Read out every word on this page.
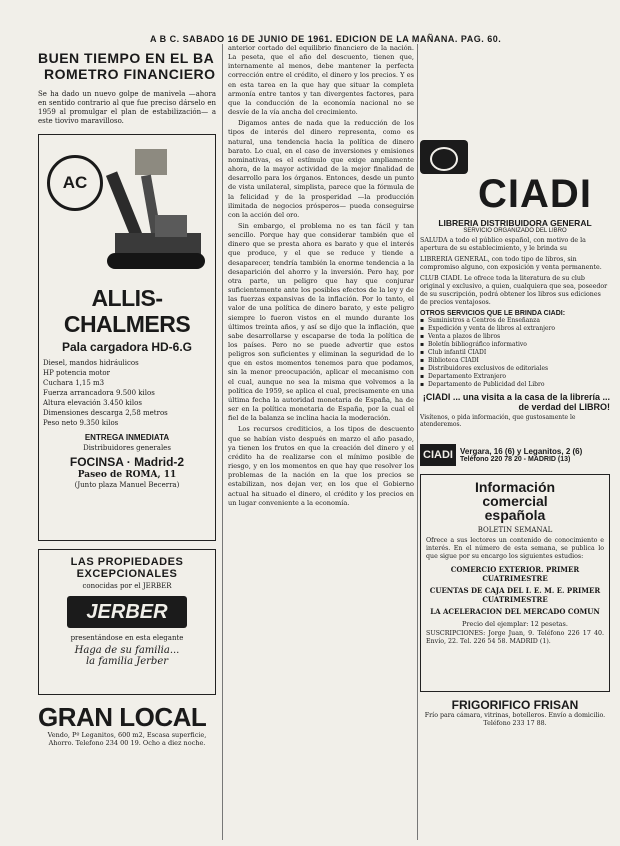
A B C. SABADO 16 DE JUNIO DE 1961. EDICION DE LA MAÑANA. PAG. 60.
BUEN TIEMPO EN EL BA
ROMETRO FINANCIERO
Se ha dado un nuevo golpe de manivela —ahora en sentido contrario al que fue preciso dárselo en 1959 al promulgar el plan de estabilización— a este tiovivo maravilloso.
AC
ALLIS-CHALMERS
Pala cargadora HD-6.G
Diesel, mandos hidráulicos
HP potencia motor
Cuchara 1,15 m3
Fuerza arrancadora 9.500 kilos
Altura elevación 3.450 kilos
Dimensiones descarga 2,58 metros
Peso neto 9.350 kilos
ENTREGA INMEDIATA
Distribuidores generales
FOCINSA · Madrid-2
Paseo de ROMA, 11
(Junto plaza Manuel Becerra)
LAS PROPIEDADES
EXCEPCIONALES
conocidas por el JERBER
JERBER
presentándose en esta elegante
Haga de su familia...
la familia Jerber
GRAN LOCAL
Vendo, Pº Leganitos, 600 m2, Escasa superficie, Ahorro. Telefono 234 00 19. Ocho a diez noche.
anterior cortado del equilibrio financiero de la nación. La peseta, que el año del descuento, tienen que, internamente al menos, debe mantener la perfecta corrección entre el crédito, el dinero y los precios. Y es en esta tarea en la que hay que situar la completa armonía entre tantos y tan divergentes factores, para que la conducción de la economía nacional no se desvíe de la vía ancha del crecimiento.
Digamos antes de nada que la reducción de los tipos de interés del dinero representa, como es natural, una tendencia hacia la política de dinero barato. Lo cual, en el caso de inversiones y emisiones nominativas, es el estímulo que exige ampliamente ahora, de la mayor actividad de la mejor finalidad de desarrollo para los órganos. Entonces, desde un punto de vista unilateral, simplista, parece que la fórmula de la felicidad y de la prosperidad —la producción ilimitada de negocios prósperos— pueda conseguirse con la acción del oro.
Sin embargo, el problema no es tan fácil y tan sencillo. Porque hay que considerar también que el dinero que se presta ahora es barato y que el interés que produce, y el que se reduce y tiende a desaparecer, tendría también la enorme tendencia a la desaparición del ahorro y la inversión. Pero hay, por otra parte, un peligro que hay que conjurar suficientemente ante los posibles efectos de la ley y de las fuerzas expansivas de la inflación. Por lo tanto, el valor de una política de dinero barato, y este peligro siempre lo fueron vistos en el mundo durante los últimos treinta años, y así se dijo que la inflación, que sabe desarrollarse y escaparse de toda la política de los países. Pero no se puede advertir que estos peligros son suficientes y eliminan la seguridad de lo que en estos momentos tenemos para que podamos, sin la menor preocupación, aplicar el mecanismo con el cual, aunque no sea la misma que volvemos a la política de 1959, se aplica el cual, precisamente en una última fecha la autoridad monetaria de España, ha de ser en la política monetaria de España, por la cual el fiel de la balanza se inclina hacia la moderación.
Los recursos crediticios, a los tipos de descuento que se habían visto después en marzo el año pasado, ya tienen los frutos en que la creación del dinero y el crédito ha de realizarse con el mínimo posible de riesgo, y en los momentos en que hay que resolver los problemas de la nación en la que los precios se estabilizan, nos dejan ver, en los que el Gobierno actual ha situado el dinero, el crédito y los precios en un lugar conveniente a la economía.
CIADI
LIBRERIA DISTRIBUIDORA GENERAL
SERVICIO ORGANIZADO DEL LIBRO
SALUDA a todo el público español, con motivo de la apertura de su establecimiento, y le brinda su
LIBRERIA GENERAL, con todo tipo de libros, sin compromiso alguno, con exposición y venta permanente.
CLUB CIADI. Le ofrece toda la literatura de su club original y exclusivo, a quien, cualquiera que sea, poseedor de su suscripción, podrá obtener los libros sus ediciones de precios ventajosos.
OTROS SERVICIOS QUE LE BRINDA CIADI:
▪ Suministros a Centros de Enseñanza
▪ Expedición y venta de libros al extranjero
▪ Venta a plazos de libros
▪ Boletín bibliográfico informativo
▪ Club infantil CIADI
▪ Biblioteca CIADI
▪ Distribuidores exclusivos de editoriales
▪ Departamento Extranjero
▪ Departamento de Publicidad del Libro
¡CIADI ... una visita a la casa de la librería ... de verdad del LIBRO!
Visítenos, o pida información, que gustosamente le atenderemos.
CIADI Vergara, 16 (6) y Leganitos, 2 (6)
Teléfono 220 78 20 - MADRID (13)
Información
comercial
española
BOLETIN SEMANAL
Ofrece a sus lectores un contenido de conocimiento e interés. En el número de esta semana, se publica lo que sigue por su encargo los siguientes estudios:
COMERCIO EXTERIOR. PRIMER CUATRIMESTRE
CUENTAS DE CAJA DEL I. E. M. E. PRIMER CUATRIMESTRE
LA ACELERACION DEL MERCADO COMUN
Precio del ejemplar: 12 pesetas.
SUSCRIPCIONES: Jorge Juan, 9. Teléfono 226 17 40. Envío, 22. Tel. 226 54 58. MADRID (1).
FRIGORIFICO FRISAN
Frío para cámara, vitrinas, botelleros. Envío a domicilio. Teléfono 233 17 88.
